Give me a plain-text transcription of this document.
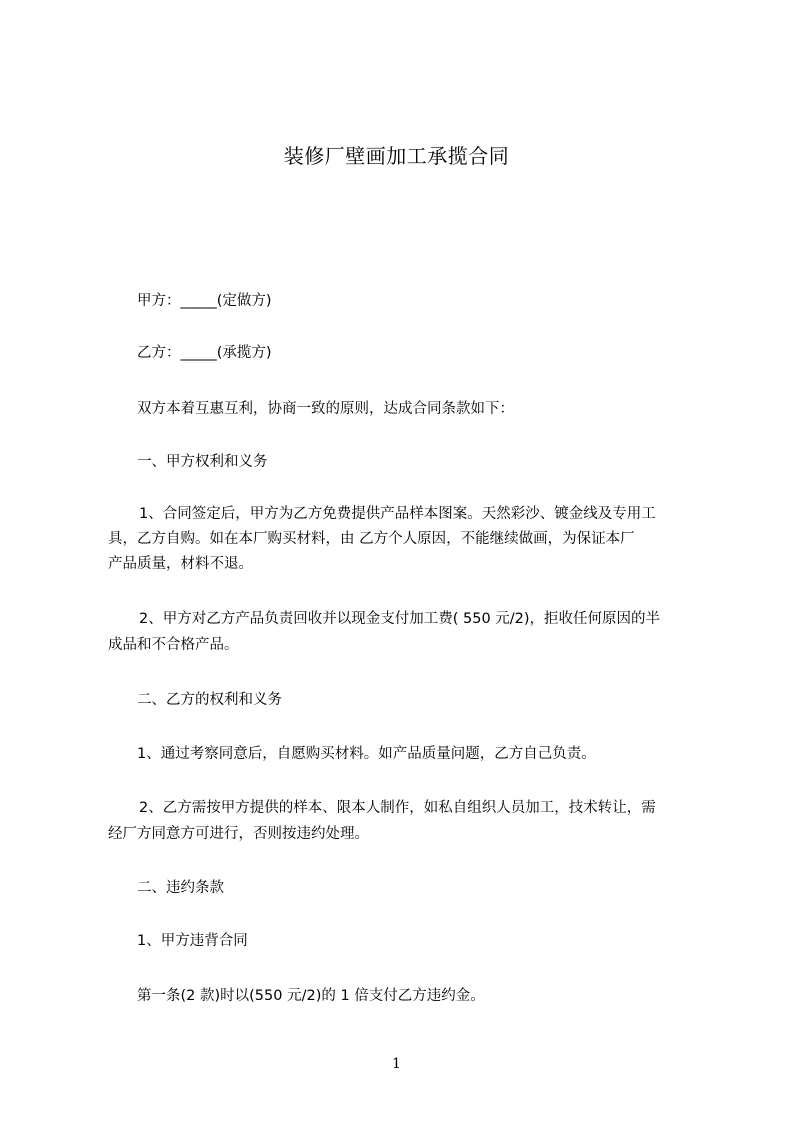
装修厂壁画加工承揽合同

甲方：_____(定做方)

乙方：_____(承揽方)

双方本着互惠互利，协商一致的原则，达成合同条款如下：

一、甲方权利和义务

1、合同签定后，甲方为乙方免费提供产品样本图案。天然彩沙、镀金线及专用工
具，乙方自购。如在本厂购买材料，由 乙方个人原因，不能继续做画，为保证本厂
产品质量，材料不退。
2、甲方对乙方产品负责回收并以现金支付加工费( 550 元/2)，拒收任何原因的半
成品和不合格产品。

二、乙方的权利和义务

1、通过考察同意后，自愿购买材料。如产品质量问题，乙方自己负责。

2、乙方需按甲方提供的样本、限本人制作，如私自组织人员加工，技术转让，需
经厂方同意方可进行，否则按违约处理。

二、违约条款

1、甲方违背合同

第一条(2 款)时以(550 元/2)的 1 倍支付乙方违约金。

1
